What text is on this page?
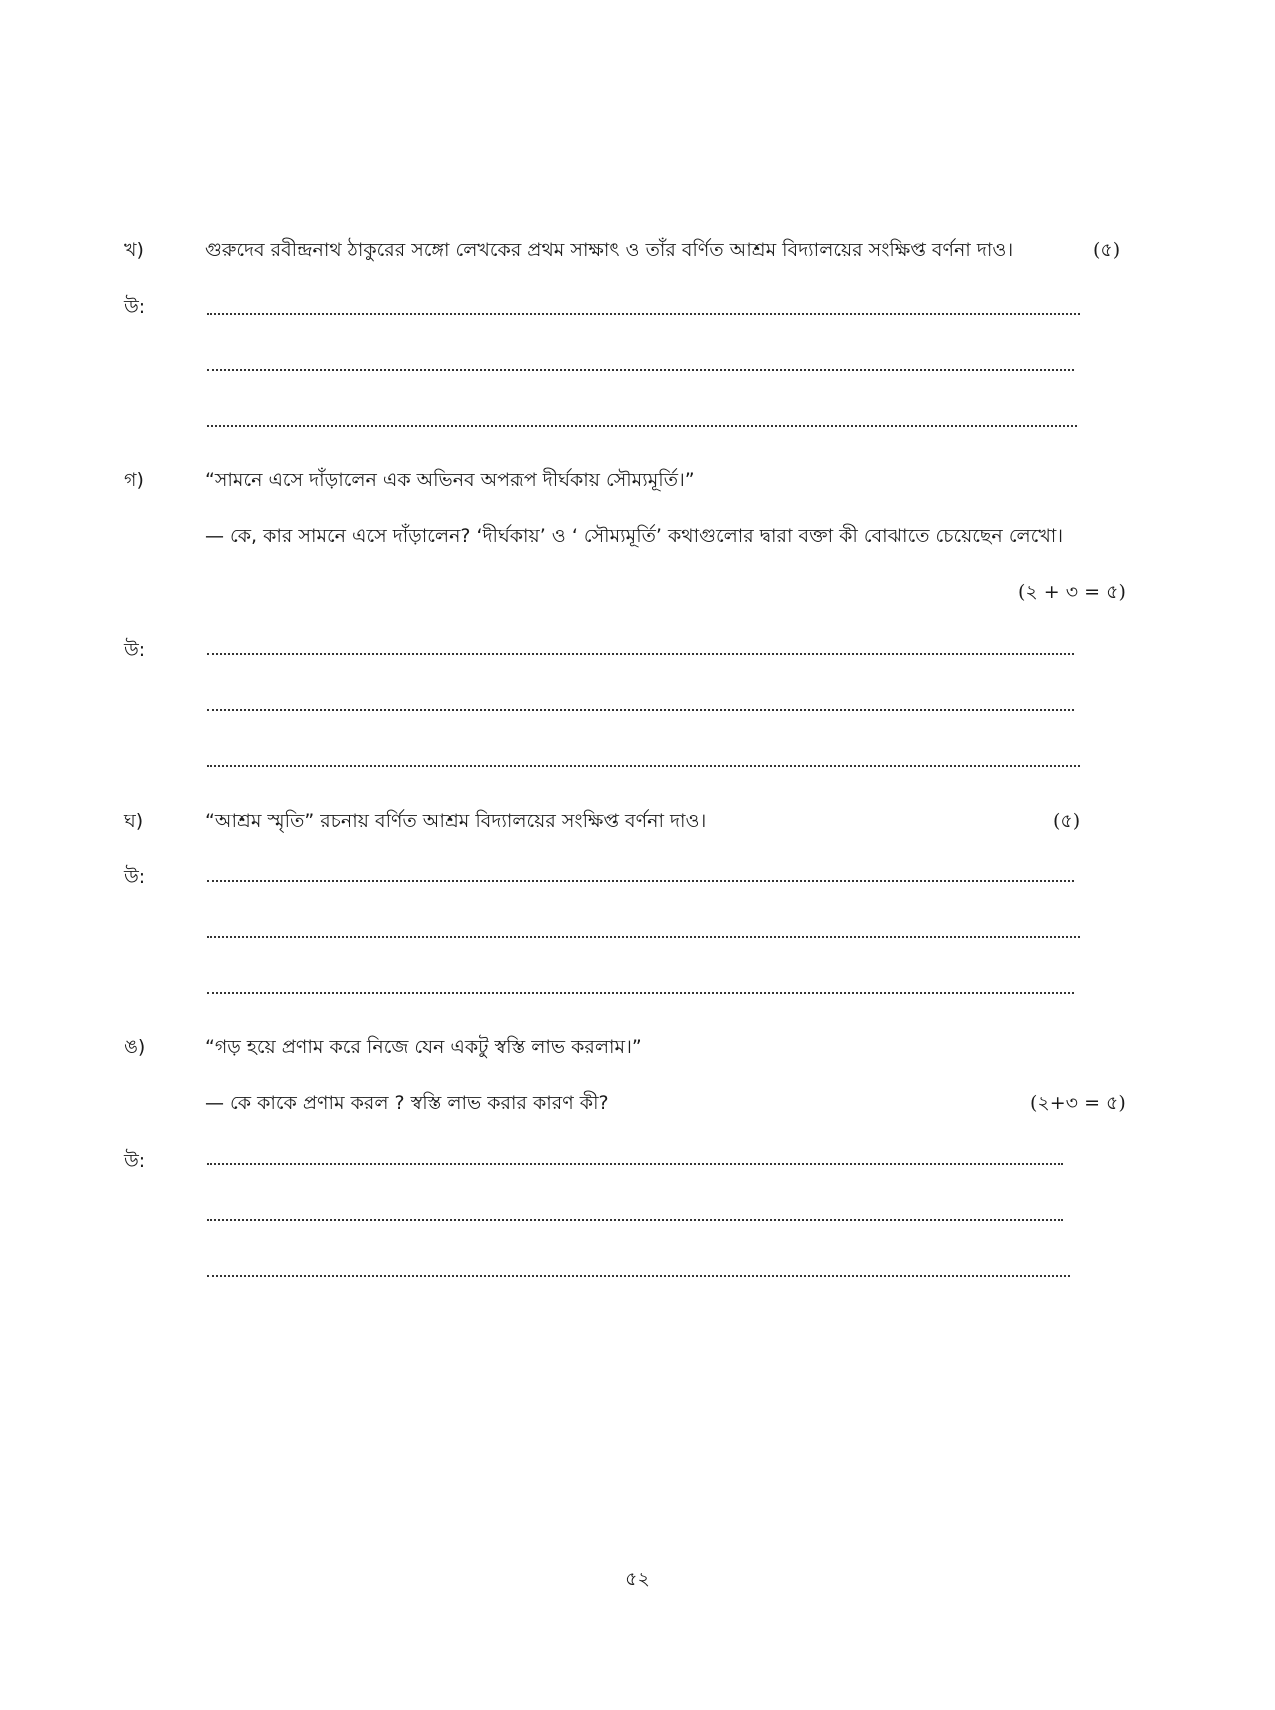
খ)	গুরুদেব রবীন্দ্রনাথ ঠাকুরের সঙ্গো লেখকের প্রথম সাক্ষাৎ ও তাঁর বর্ণিত আশ্রম বিদ্যালয়ের সংক্ষিপ্ত বর্ণনা দাও।	(৫)
উ:
গ)	“সামনে এসে দাঁড়ালেন এক অভিনব অপরূপ দীর্ঘকায় সৌম্যমূর্তি।”
— কে, কার সামনে এসে দাঁড়ালেন? ‘দীর্ঘকায়’ ও ‘ সৌম্যমূর্তি’ কথাগুলোর দ্বারা বক্তা কী বোঝাতে চেয়েছেন লেখো।
(২ + ৩ = ৫)
উ:
ঘ)	“আশ্রম স্মৃতি” রচনায় বর্ণিত আশ্রম বিদ্যালয়ের সংক্ষিপ্ত বর্ণনা দাও।	(৫)
উ:
ঙ)	“গড় হয়ে প্রণাম করে নিজে যেন একটু স্বস্তি লাভ করলাম।”
— কে কাকে প্রণাম করল ? স্বস্তি লাভ করার কারণ কী?	(২+৩ = ৫)
উ:
৫২
